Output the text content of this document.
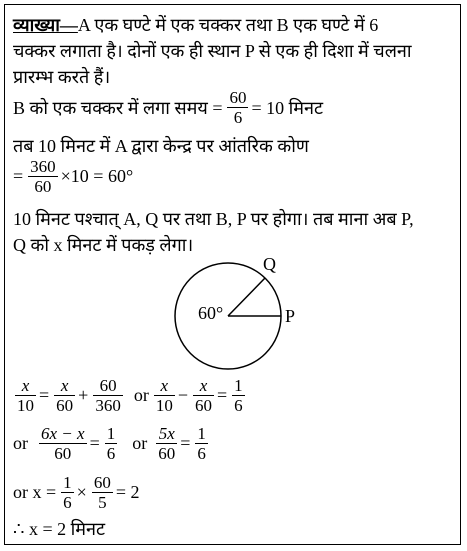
व्याख्या—A एक घण्टे में एक चक्कर तथा B एक घण्टे में 6
चक्कर लगाता है। दोनों एक ही स्थान P से एक ही दिशा में चलना
प्रारम्भ करते हैं।
B को एक चक्कर में लगा समय = $\frac{60}{6} = 10$ मिनट
तब 10 मिनट में A द्वारा केन्द्र पर आंतरिक कोण
= $\frac{360}{60} \times 10 = 60^\circ$
10 मिनट पश्चात् A, Q पर तथा B, P पर होगा। तब माना अब P,
Q को x मिनट में पकड़ लेगा।
60°
Q
P
$\frac{x}{10} = \frac{x}{60} + \frac{60}{360}$ or $\frac{x}{10} - \frac{x}{60} = \frac{1}{6}$
or $\frac{6x - x}{60} = \frac{1}{6}$ or $\frac{5x}{60} = \frac{1}{6}$
or $x = \frac{1}{6} \times \frac{60}{5} = 2$
∴ x = 2 मिनट
